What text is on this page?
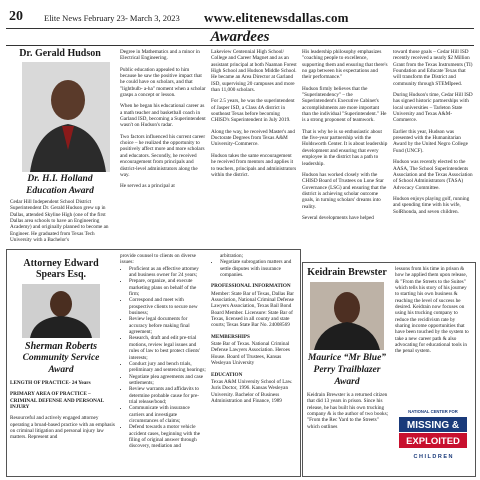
20 Elite News February 23- March 3, 2023 www.elitenewsdallas.com
Awardees
Dr. Gerald Hudson
Dr. H.I. Holland
Education Award

Cedar Hill Independent School District Superintendent Dr. Gerald Hudson grew up in Dallas, attended Skyline High (one of the first Dallas area schools to have an Engineering Academy) and originally planned to become an Engineer. He graduated from Texas Tech University with a Bachelor's

Degree in Mathematics and a minor in Electrical Engineering.

Public education appealed to him because he saw the positive impact that he could have on scholars, and that "lightbulb- a-ha" moment when a scholar grasps a concept or lesson.

When he began his educational career as a math teacher and basketball coach in Garland ISD, becoming a Superintendent wasn't on Hudson's radar.

Two factors influenced his current career choice – he realized the opportunity to positively affect more and more scholars and educators. Secondly, he received encouragement from principals and district-level administrators along the way.

He served as a principal at

Lakeview Centennial High School/ College and Career Magnet and as an assistant principal at both Naaman Forest High School and Hudson Middle School. He became an Area Director at Garland ISD, supervising 20 campuses and more than 11,000 scholars.

For 2.5 years, he was the superintendent of Jasper ISD, a Class 4A district in southeast Texas before becoming CHISD's Superintendent in July 2019.

Along the way, he received Master's and Doctorate Degrees from Texas A&M University-Commerce.

Hudson takes the same encouragement he received from mentors and applies it to teachers, principals and administrators within the district.

His leadership philosophy emphasizes "coaching people to excellence, supporting them and ensuring that there's no gap between his expectations and their performance."

Hudson firmly believes that the "Superintendency" – the Superintendent's Executive Cabinet's accomplishments are more important than the individual "Superintendent." He is a strong proponent of teamwork.

That is why he is so enthusiastic about the five-year partnership with the Holdsworth Center. It is about leadership development and ensuring that every employee in the district has a path to leadership.

Hudson has worked closely with the CHISD Board of Trustees on Lone Star Governance (LSG) and ensuring that the district is achieving scholar outcome goals, in turning scholars' dreams into reality.

Several developments have helped

toward those goals – Cedar Hill ISD recently received a nearly $2 Million Grant from the Texas Instruments (TI) Foundation and Educate Texas that will transform the District and community through STEMIpeed.

During Hudson's time, Cedar Hill ISD has signed historic partnerships with local universities – Tarleton State University and Texas A&M-Commerce.

Earlier this year, Hudson was presented with the Humanitarian Award by the United Negro College Fund (UNCF).

Hudson was recently elected to the AASA, The School Superintendents Association and the Texas Association of School Administrators (TASA) Advocacy Committee.

Hudson enjoys playing golf, running and spending time with his wife, SolRhonda, and seven children.

Attorney Edward Spears Esq.
Sherman Roberts
Community Service
Award

LENGTH OF PRACTICE- 24 Years

PRIMARY AREA OF PRACTICE – CRIMINAL DEFENSE AND PERSONAL INJURY

Resourceful and actively engaged attorney operating a broad-based practice with an emphasis on criminal litigation and personal injury law matters. Represent and

provide counsel to clients on diverse issues:

• Proficient as an effective attorney and business owner for 24 years;
• Prepare, organize, and execute marketing plans on behalf of the firm;
• Correspond and meet with prospective clients to secure new business;
• Review legal documents for accuracy before making final agreement;
• Research, draft and edit pre-trial motions, review legal issues and rules of law to best protect clients' interests;
• Conduct jury and bench trials, preliminary and sentencing hearings;
• Negotiate plea agreements and case settlements;
• Review warrants and affidavits to determine probable cause for pre-trial release/bond;
• Communicate with insurance carriers and investigate circumstances of claims;
• Defend towards a motor vehicle accident cases, beginning with the filing of original answer through discovery, mediation and

arbitration;

• Negotiate subrogation matters and settle disputes with insurance companies.

PROFESSIONAL INFORMATION

Member: State Bar of Texas, Dallas Bar Association, National Criminal Defense Lawyers Association, Texas Bail Bond Board Member. Licensure: State Bar of Texas, licensed in all county and state courts; Texas State Bar No. 24008569

MEMBERSHIPS

State Bar of Texas. National Criminal Defense Lawyers Association. Heroes House. Board of Trustees, Kansas Wesleyan University

EDUCATION

Texas A&M University School of Law. Juris Doctor, 1996. Kansas Wesleyan University. Bachelor of Business Administration and Finance, 1989

Keidrain Brewster
Maurice “Mr Blue”
Perry Trailblazer
Award

Keidrain Brewster is a returned citizen that did 13 years in prison. Since his release, he has built his own trucking company & is the author of two books; "From the Rec Yard to the Streets" which outlines

lessons from his time in prison & how he applied them upon release, & "From the Streets to the Suites" which tells his story of his journey to starting his own business & reaching the level of success he desired. Keidrain now focuses on using his trucking company to reduce the recidivism rate by sharing income opportunities that have been touched by the system to take a new career path & also advocating for educational tools in the penal system.

NATIONAL CENTER FOR
MISSING &
EXPLOITED
C H I L D R E N
